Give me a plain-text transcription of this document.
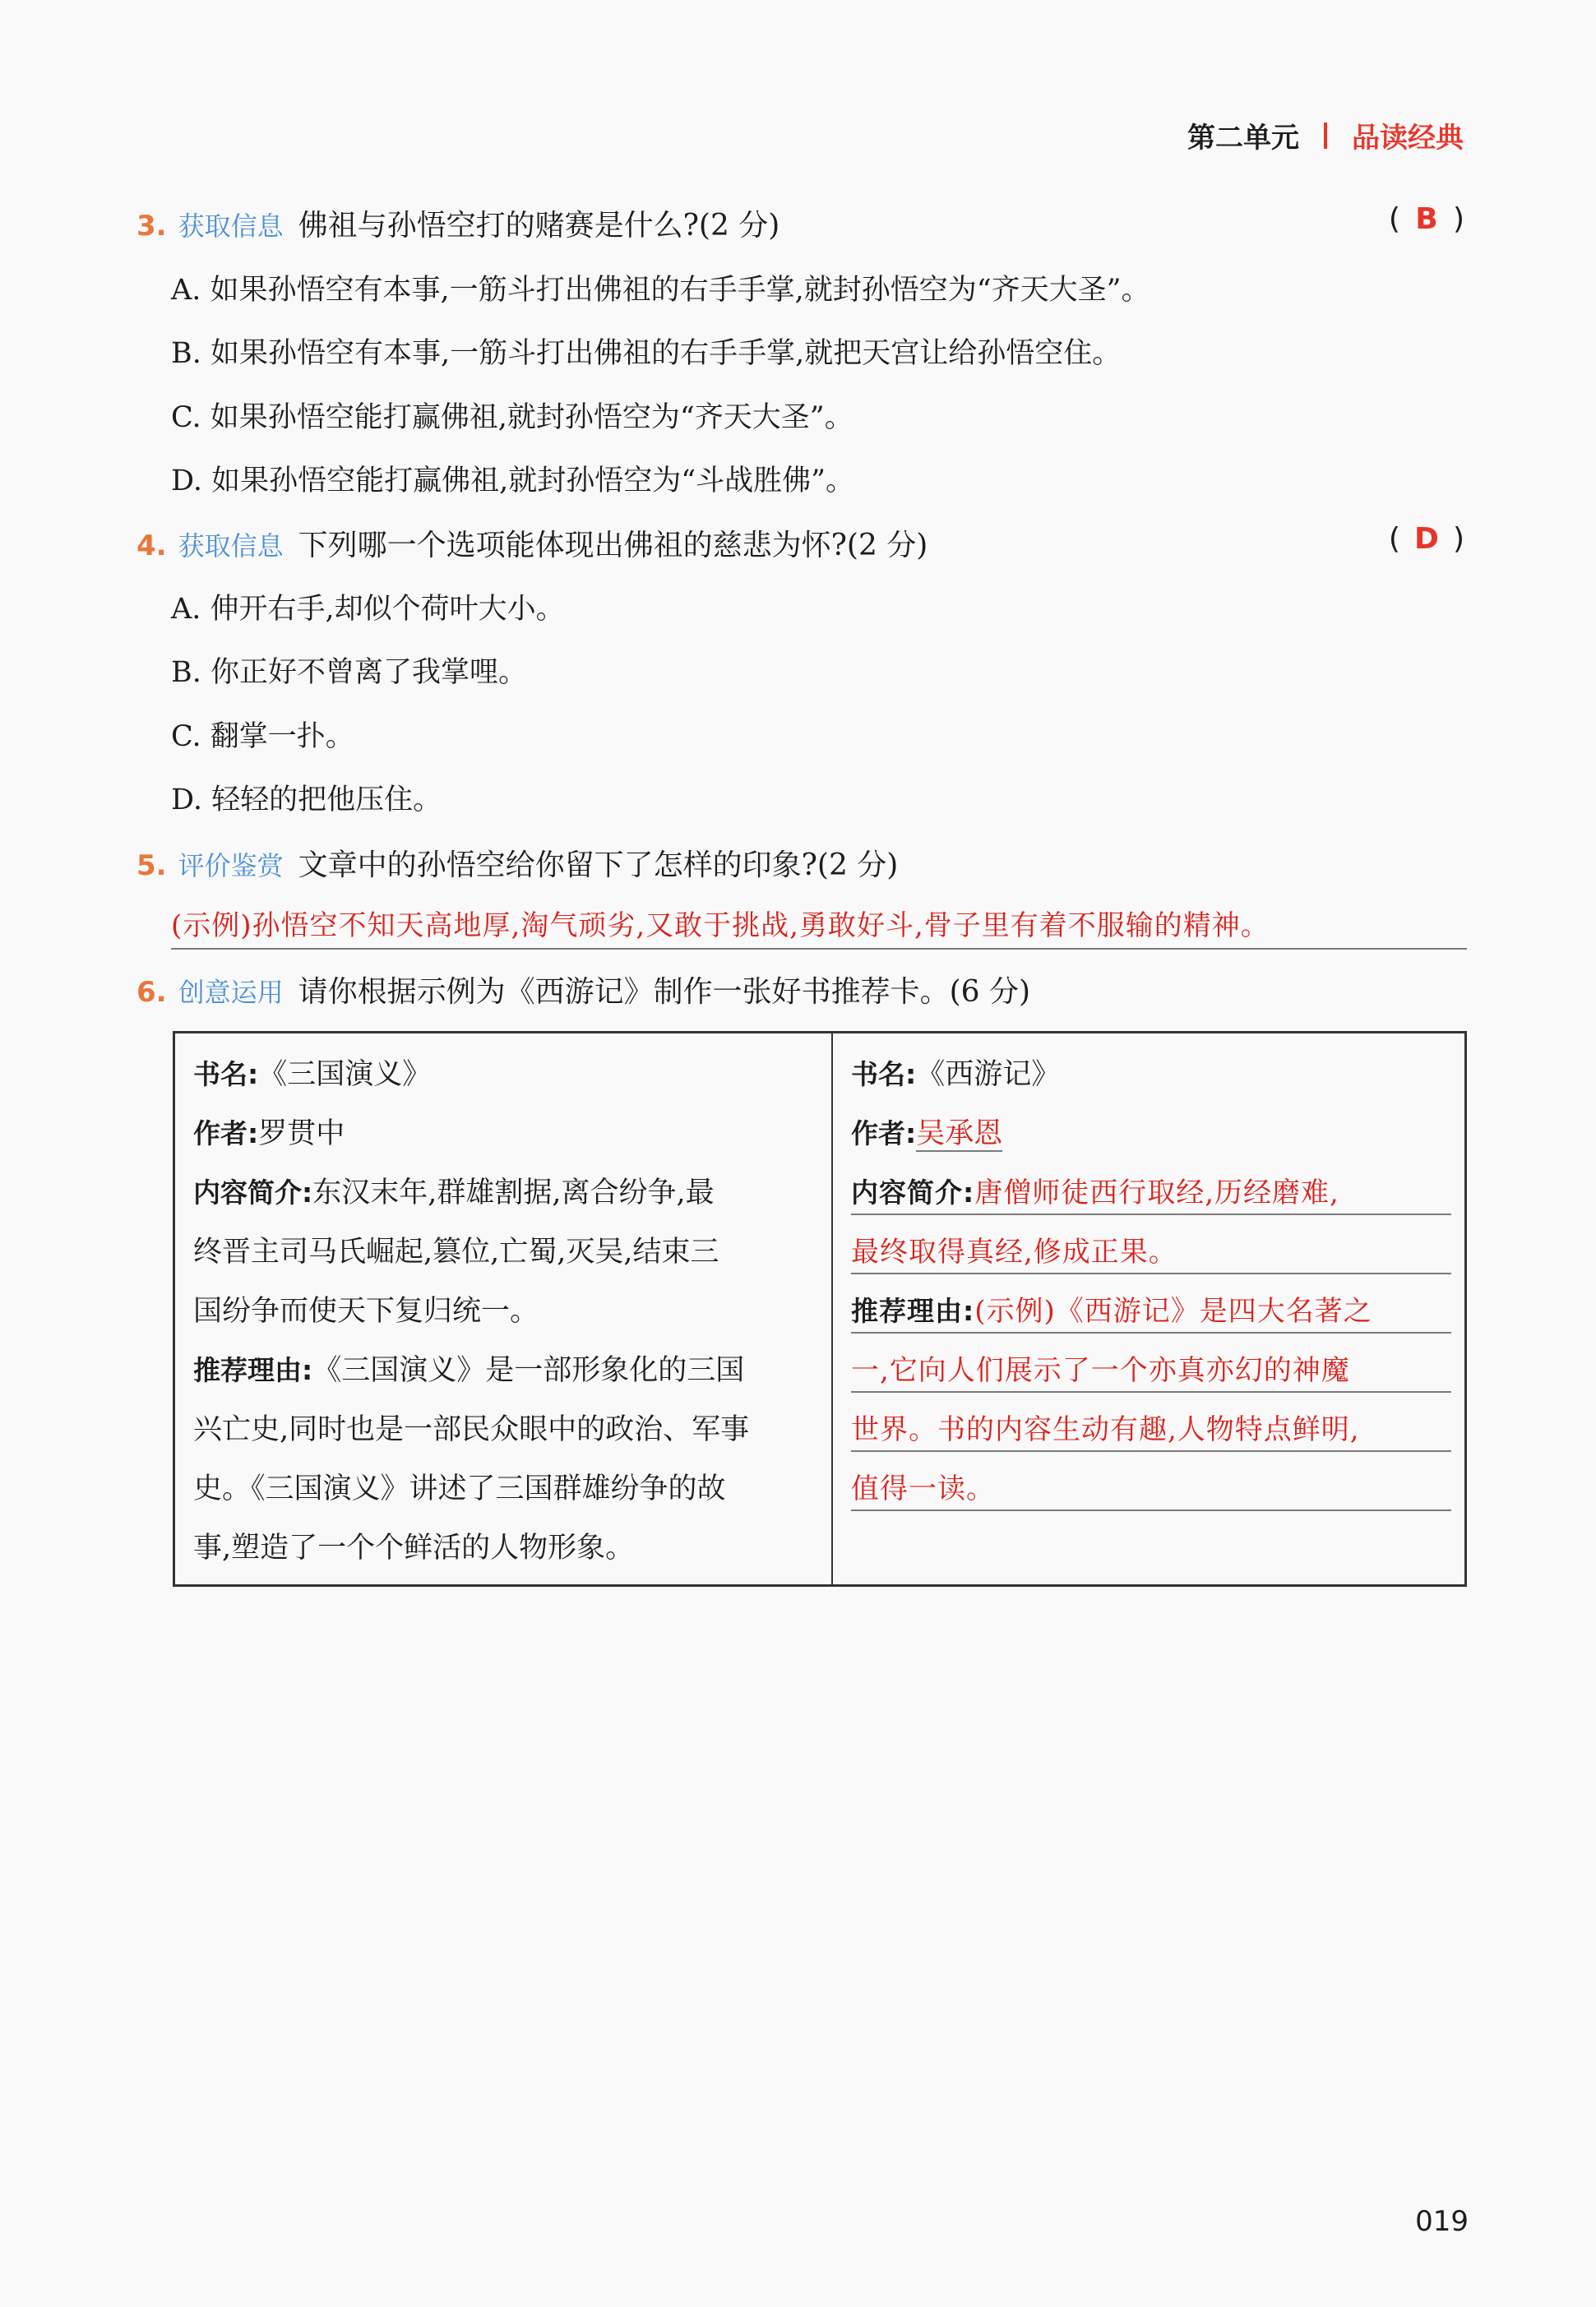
第二单元 品读经典
3. 获取信息 佛祖与孙悟空打的赌赛是什么?(2 分)	( B )
A. 如果孙悟空有本事,一筋斗打出佛祖的右手手掌,就封孙悟空为“齐天大圣”。
B. 如果孙悟空有本事,一筋斗打出佛祖的右手手掌,就把天宫让给孙悟空住。
C. 如果孙悟空能打赢佛祖,就封孙悟空为“齐天大圣”。
D. 如果孙悟空能打赢佛祖,就封孙悟空为“斗战胜佛”。
4. 获取信息 下列哪一个选项能体现出佛祖的慈悲为怀?(2 分)	( D )
A. 伸开右手,却似个荷叶大小。
B. 你正好不曾离了我掌哩。
C. 翻掌一扑。
D. 轻轻的把他压住。
5. 评价鉴赏 文章中的孙悟空给你留下了怎样的印象?(2 分)
(示例)孙悟空不知天高地厚,淘气顽劣,又敢于挑战,勇敢好斗,骨子里有着不服输的精神。
6. 创意运用 请你根据示例为《西游记》制作一张好书推荐卡。(6 分)
书名:《三国演义》
作者:罗贯中
内容简介:东汉末年,群雄割据,离合纷争,最
终晋主司马氏崛起,篡位,亡蜀,灭吴,结束三
国纷争而使天下复归统一。
推荐理由:《三国演义》是一部形象化的三国
兴亡史,同时也是一部民众眼中的政治、军事
史。《三国演义》讲述了三国群雄纷争的故
事,塑造了一个个鲜活的人物形象。
书名:《西游记》
作者:吴承恩
内容简介:唐僧师徒西行取经,历经磨难,
最终取得真经,修成正果。
推荐理由:(示例)《西游记》是四大名著之
一,它向人们展示了一个亦真亦幻的神魔
世界。书的内容生动有趣,人物特点鲜明,
值得一读。
019
